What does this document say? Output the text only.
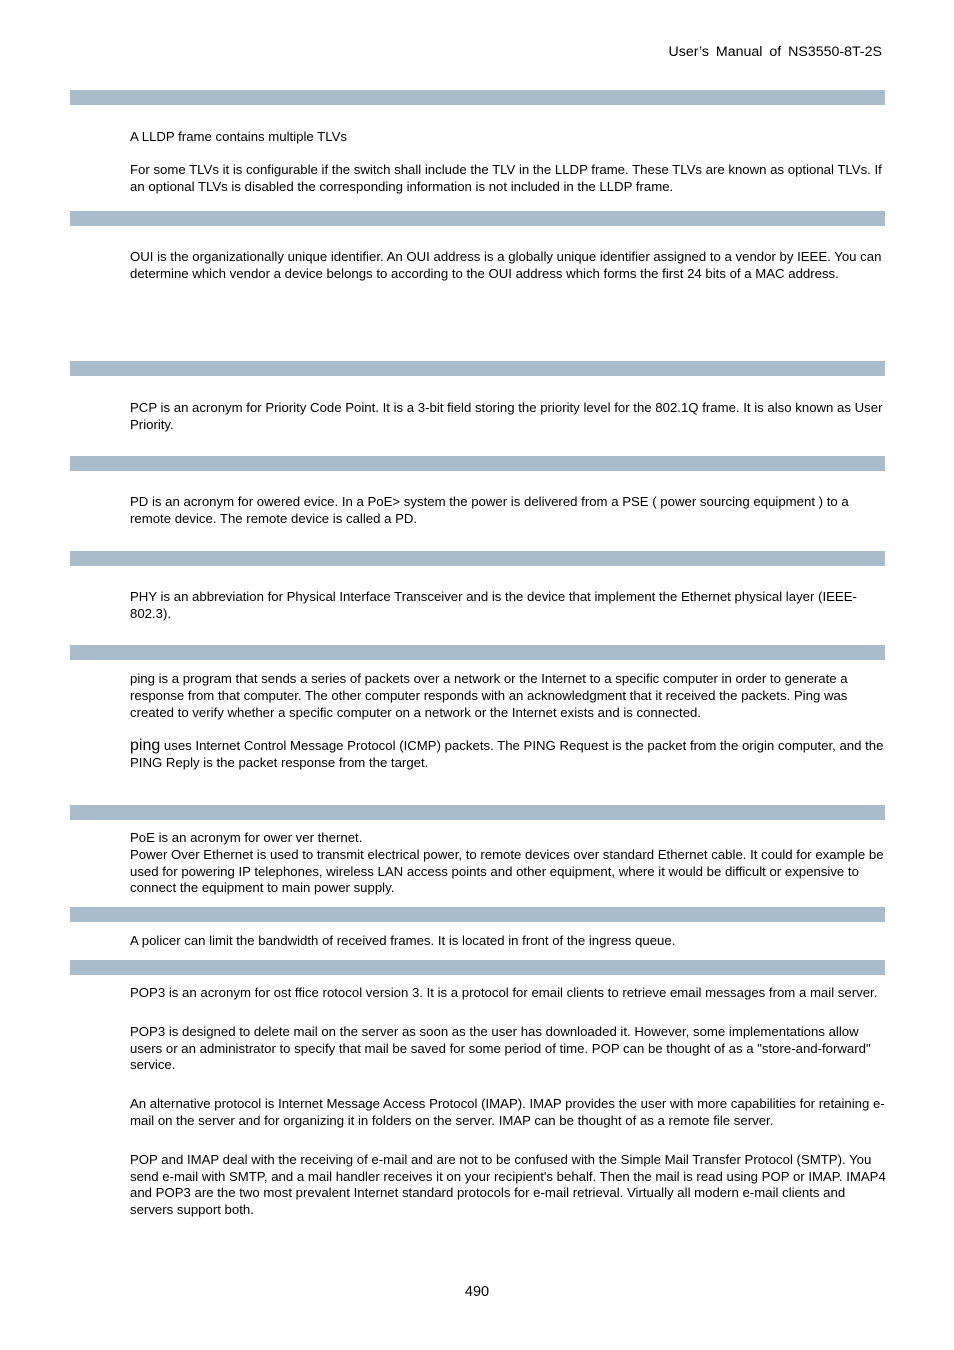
User’s Manual of NS3550-8T-2S

A LLDP frame contains multiple TLVs

For some TLVs it is configurable if the switch shall include the TLV in the LLDP frame. These TLVs are known as optional TLVs. If an optional TLVs is disabled the corresponding information is not included in the LLDP frame.

OUI is the organizationally unique identifier. An OUI address is a globally unique identifier assigned to a vendor by IEEE. You can determine which vendor a device belongs to according to the OUI address which forms the first 24 bits of a MAC address.

PCP is an acronym for Priority Code Point. It is a 3-bit field storing the priority level for the 802.1Q frame. It is also known as User Priority.

PD is an acronym for owered evice. In a PoE> system the power is delivered from a PSE ( power sourcing equipment ) to a remote device. The remote device is called a PD.

PHY is an abbreviation for Physical Interface Transceiver and is the device that implement the Ethernet physical layer (IEEE-802.3).

ping is a program that sends a series of packets over a network or the Internet to a specific computer in order to generate a response from that computer. The other computer responds with an acknowledgment that it received the packets. Ping was created to verify whether a specific computer on a network or the Internet exists and is connected.

ping uses Internet Control Message Protocol (ICMP) packets. The PING Request is the packet from the origin computer, and the PING Reply is the packet response from the target.

PoE is an acronym for ower ver thernet.

Power Over Ethernet is used to transmit electrical power, to remote devices over standard Ethernet cable. It could for example be used for powering IP telephones, wireless LAN access points and other equipment, where it would be difficult or expensive to connect the equipment to main power supply.

A policer can limit the bandwidth of received frames. It is located in front of the ingress queue.

POP3 is an acronym for ost ffice rotocol version 3. It is a protocol for email clients to retrieve email messages from a mail server.

POP3 is designed to delete mail on the server as soon as the user has downloaded it. However, some implementations allow users or an administrator to specify that mail be saved for some period of time. POP can be thought of as a "store-and-forward" service.

An alternative protocol is Internet Message Access Protocol (IMAP). IMAP provides the user with more capabilities for retaining e-mail on the server and for organizing it in folders on the server. IMAP can be thought of as a remote file server.

POP and IMAP deal with the receiving of e-mail and are not to be confused with the Simple Mail Transfer Protocol (SMTP). You send e-mail with SMTP, and a mail handler receives it on your recipient's behalf. Then the mail is read using POP or IMAP. IMAP4 and POP3 are the two most prevalent Internet standard protocols for e-mail retrieval. Virtually all modern e-mail clients and servers support both.

490
